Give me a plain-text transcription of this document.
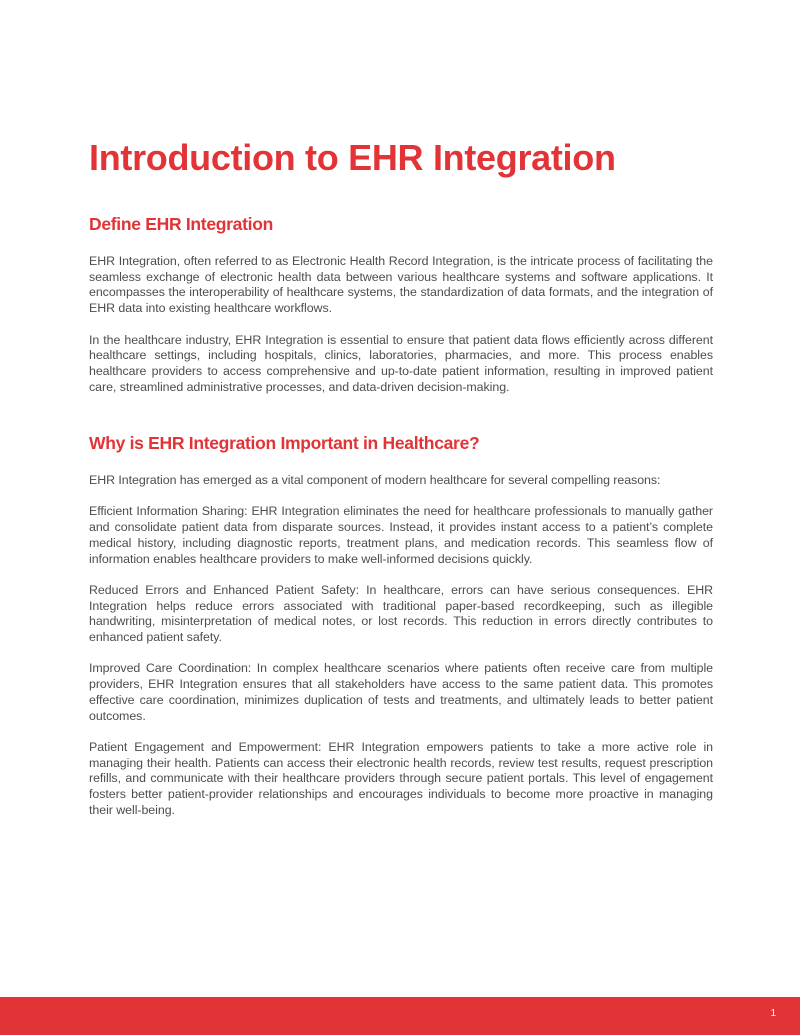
Introduction to EHR Integration
Define EHR Integration

EHR Integration, often referred to as Electronic Health Record Integration, is the intricate process of facilitating the seamless exchange of electronic health data between various healthcare systems and software applications. It encompasses the interoperability of healthcare systems, the standardization of data formats, and the integration of EHR data into existing healthcare workflows.

In the healthcare industry, EHR Integration is essential to ensure that patient data flows efficiently across different healthcare settings, including hospitals, clinics, laboratories, pharmacies, and more. This process enables healthcare providers to access comprehensive and up-to-date patient information, resulting in improved patient care, streamlined administrative processes, and data-driven decision-making.

Why is EHR Integration Important in Healthcare?

EHR Integration has emerged as a vital component of modern healthcare for several compelling reasons:

Efficient Information Sharing: EHR Integration eliminates the need for healthcare professionals to manually gather and consolidate patient data from disparate sources. Instead, it provides instant access to a patient’s complete medical history, including diagnostic reports, treatment plans, and medication records. This seamless flow of information enables healthcare providers to make well-informed decisions quickly.

Reduced Errors and Enhanced Patient Safety: In healthcare, errors can have serious consequences. EHR Integration helps reduce errors associated with traditional paper-based recordkeeping, such as illegible handwriting, misinterpretation of medical notes, or lost records. This reduction in errors directly contributes to enhanced patient safety.

Improved Care Coordination: In complex healthcare scenarios where patients often receive care from multiple providers, EHR Integration ensures that all stakeholders have access to the same patient data. This promotes effective care coordination, minimizes duplication of tests and treatments, and ultimately leads to better patient outcomes.

Patient Engagement and Empowerment: EHR Integration empowers patients to take a more active role in managing their health. Patients can access their electronic health records, review test results, request prescription refills, and communicate with their healthcare providers through secure patient portals. This level of engagement fosters better patient-provider relationships and encourages individuals to become more proactive in managing their well-being.

1
